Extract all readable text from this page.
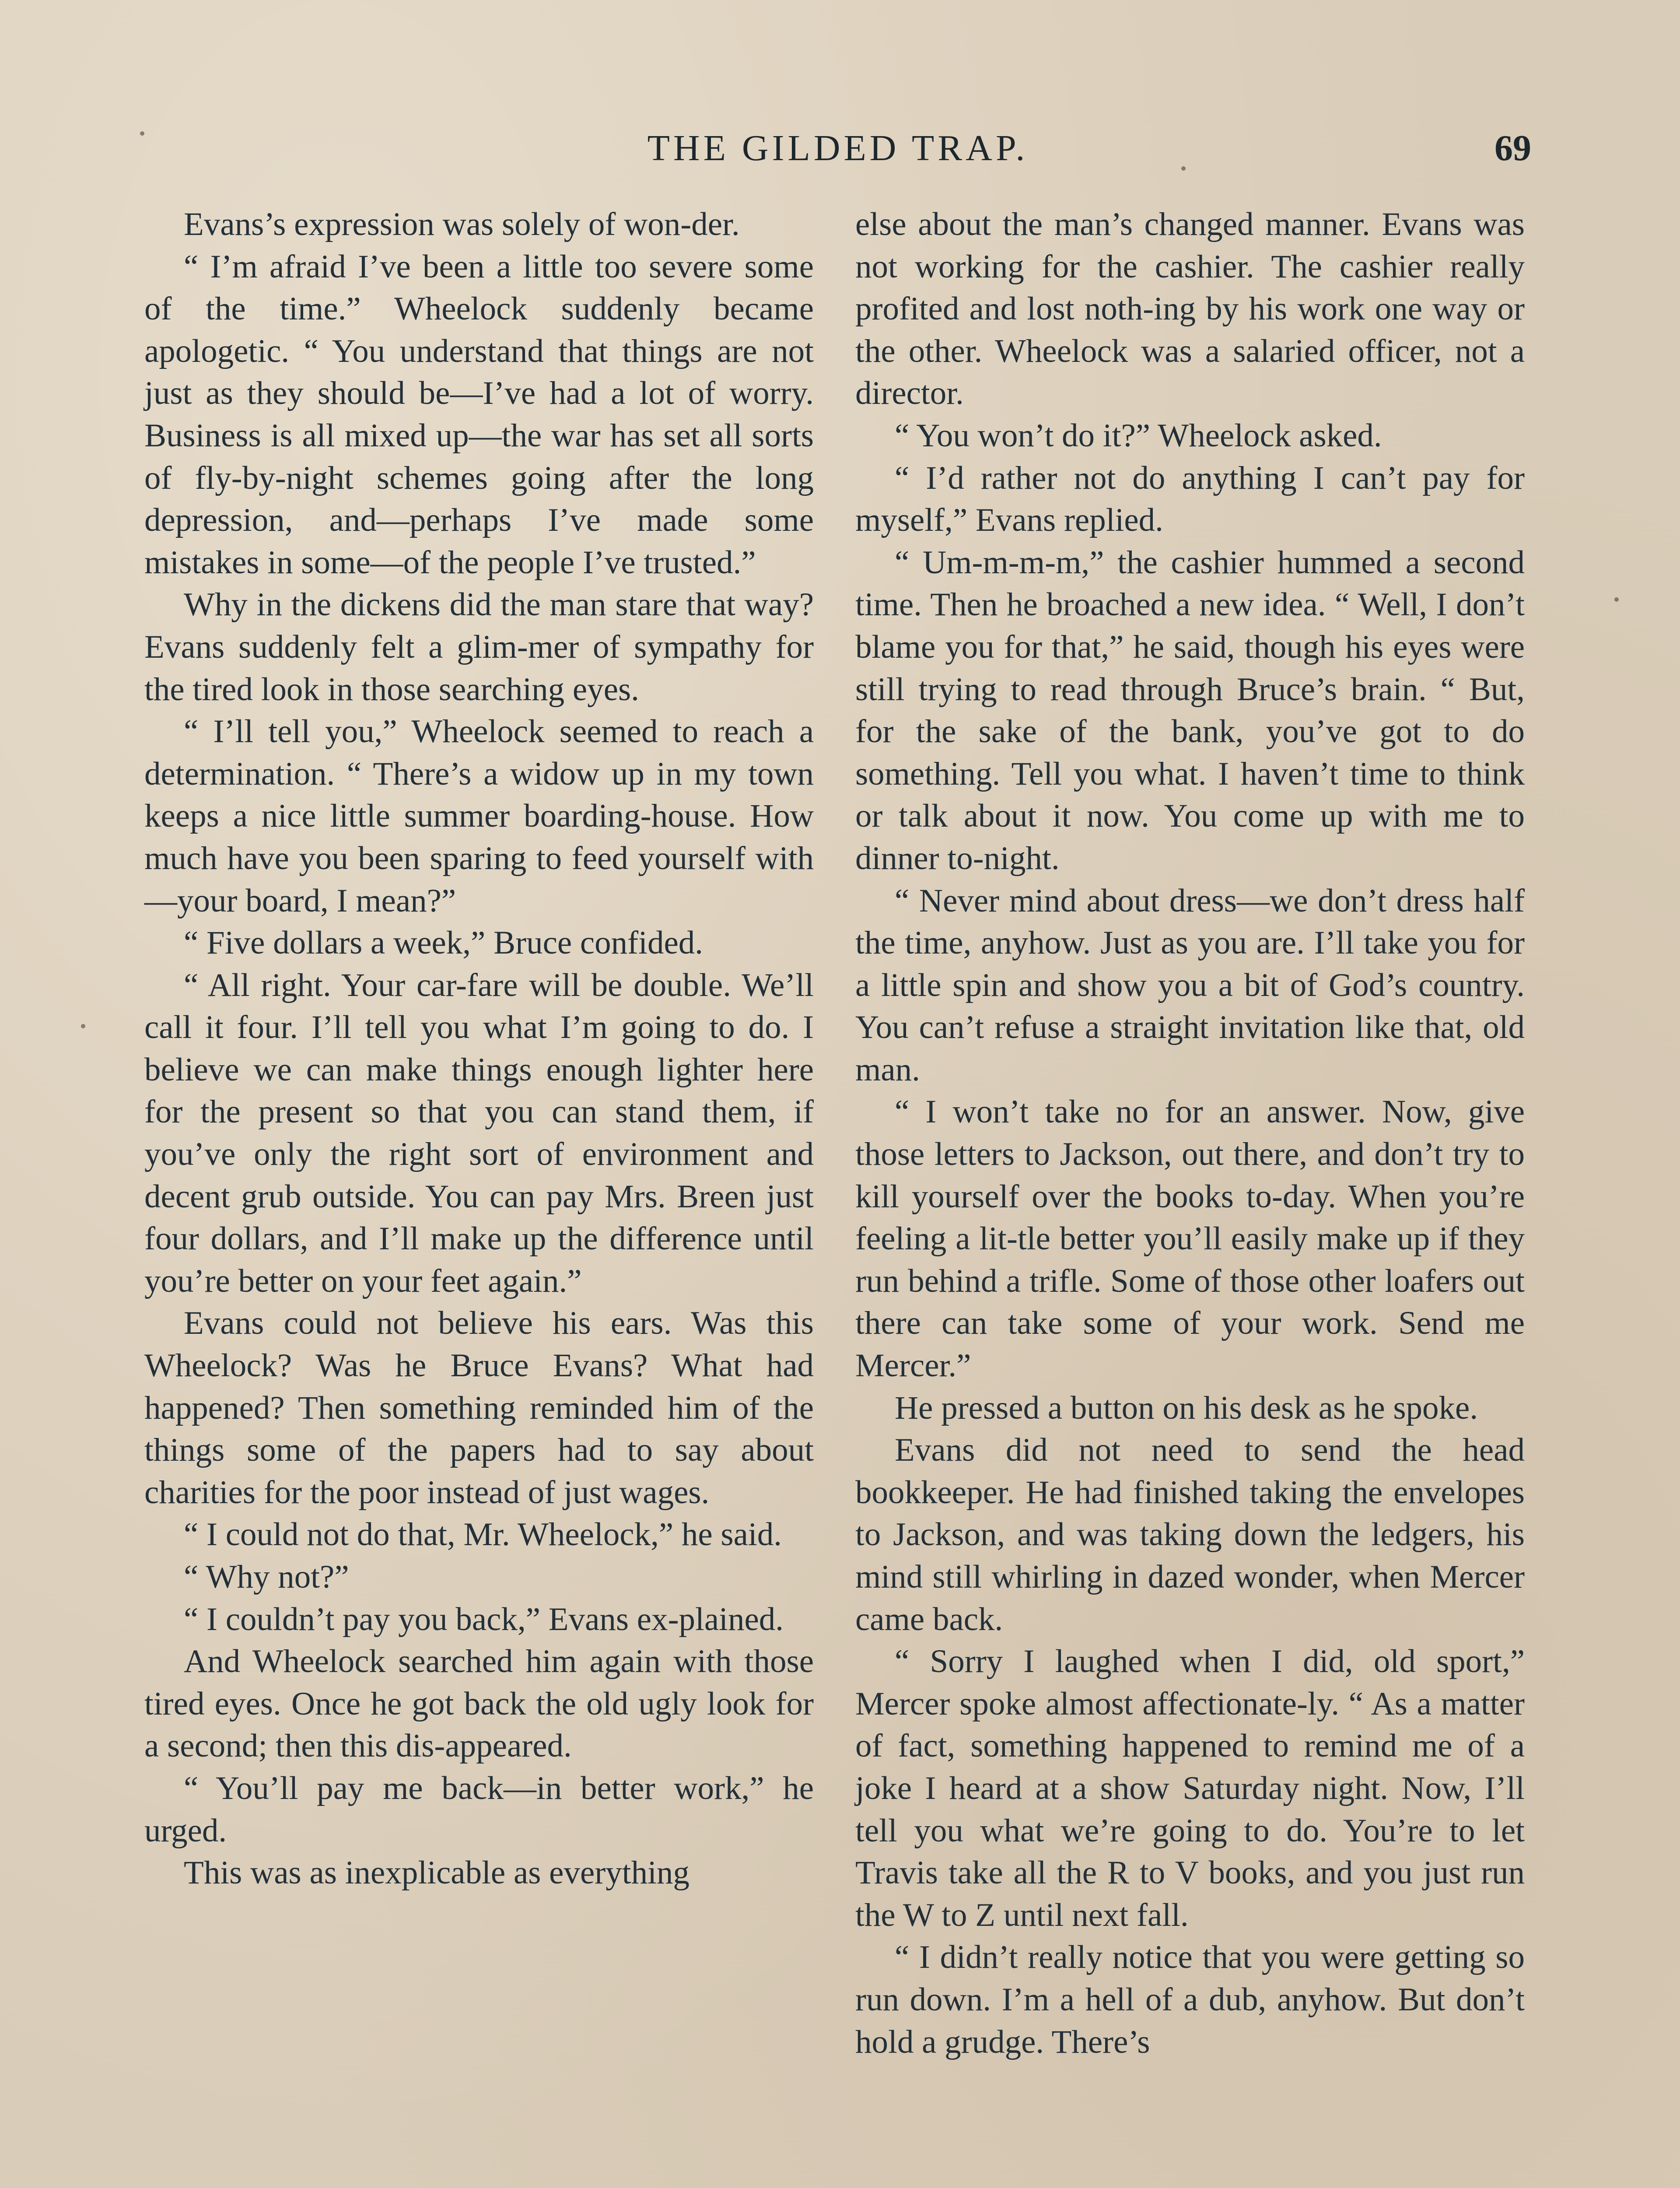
THE GILDED TRAP.	69

Evans’s expression was solely of won-der.

“ I’m afraid I’ve been a little too severe some of the time.” Wheelock suddenly became apologetic. “ You understand that things are not just as they should be—I’ve had a lot of worry. Business is all mixed up—the war has set all sorts of fly-by-night schemes going after the long depression, and—perhaps I’ve made some mistakes in some—of the people I’ve trusted.”

Why in the dickens did the man stare that way? Evans suddenly felt a glim-mer of sympathy for the tired look in those searching eyes.

“ I’ll tell you,” Wheelock seemed to reach a determination. “ There’s a widow up in my town keeps a nice little summer boarding-house. How much have you been sparing to feed yourself with—your board, I mean?”

“ Five dollars a week,” Bruce confided.

“ All right. Your car-fare will be double. We’ll call it four. I’ll tell you what I’m going to do. I believe we can make things enough lighter here for the present so that you can stand them, if you’ve only the right sort of environment and decent grub outside. You can pay Mrs. Breen just four dollars, and I’ll make up the difference until you’re better on your feet again.”

Evans could not believe his ears. Was this Wheelock? Was he Bruce Evans? What had happened? Then something reminded him of the things some of the papers had to say about charities for the poor instead of just wages.

“ I could not do that, Mr. Wheelock,” he said.

“ Why not?”

“ I couldn’t pay you back,” Evans ex-plained.

And Wheelock searched him again with those tired eyes. Once he got back the old ugly look for a second; then this dis-appeared.

“ You’ll pay me back—in better work,” he urged.

This was as inexplicable as everything

else about the man’s changed manner. Evans was not working for the cashier. The cashier really profited and lost noth-ing by his work one way or the other. Wheelock was a salaried officer, not a director.

“ You won’t do it?” Wheelock asked.

“ I’d rather not do anything I can’t pay for myself,” Evans replied.

“ Um-m-m-m,” the cashier hummed a second time. Then he broached a new idea. “ Well, I don’t blame you for that,” he said, though his eyes were still trying to read through Bruce’s brain. “ But, for the sake of the bank, you’ve got to do something. Tell you what. I haven’t time to think or talk about it now. You come up with me to dinner to-night.

“ Never mind about dress—we don’t dress half the time, anyhow. Just as you are. I’ll take you for a little spin and show you a bit of God’s country. You can’t refuse a straight invitation like that, old man.

“ I won’t take no for an answer. Now, give those letters to Jackson, out there, and don’t try to kill yourself over the books to-day. When you’re feeling a lit-tle better you’ll easily make up if they run behind a trifle. Some of those other loafers out there can take some of your work. Send me Mercer.”

He pressed a button on his desk as he spoke.

Evans did not need to send the head bookkeeper. He had finished taking the envelopes to Jackson, and was taking down the ledgers, his mind still whirling in dazed wonder, when Mercer came back.

“ Sorry I laughed when I did, old sport,” Mercer spoke almost affectionate-ly. “ As a matter of fact, something happened to remind me of a joke I heard at a show Saturday night. Now, I’ll tell you what we’re going to do. You’re to let Travis take all the R to V books, and you just run the W to Z until next fall.

“ I didn’t really notice that you were getting so run down. I’m a hell of a dub, anyhow. But don’t hold a grudge. There’s
